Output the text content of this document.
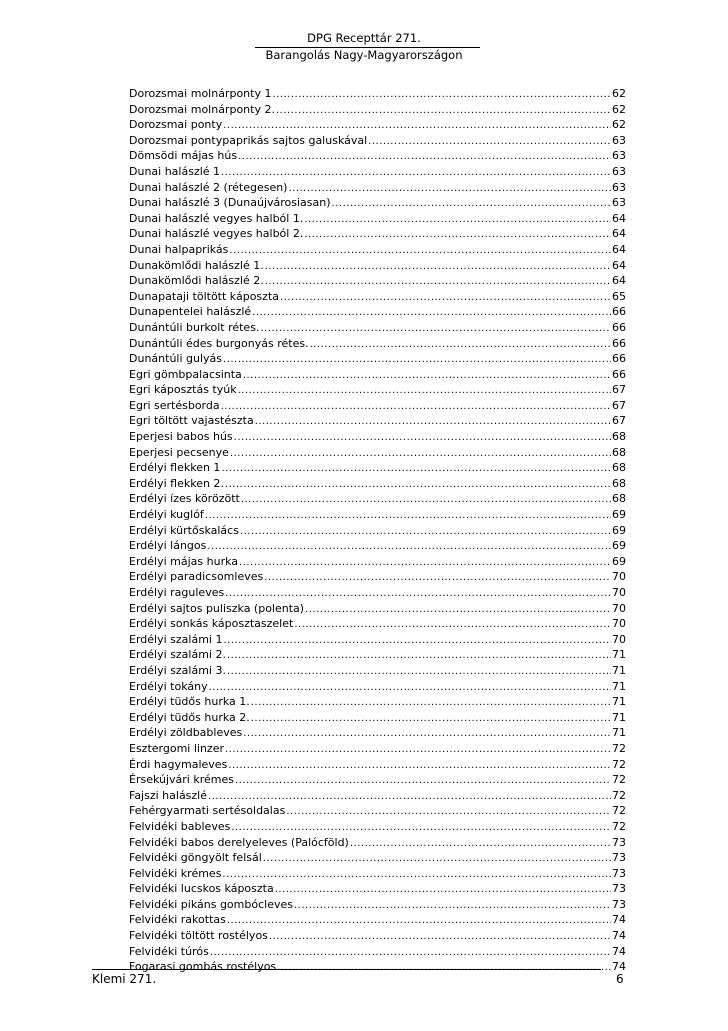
DPG Recepttár 271.
Barangolás Nagy-Magyarországon
Dorozsmai molnárponty 1 .....	62
Dorozsmai molnárponty 2. .....	62
Dorozsmai ponty .....	62
Dorozsmai pontypaprikás sajtos galuskával .....	63
Dömsödi májas hús .....	63
Dunai halászlé 1 .....	63
Dunai halászlé 2 (rétegesen) .....	63
Dunai halászlé 3 (Dunaújvárosiasan) .....	63
Dunai halászlé vegyes halból 1. .....	64
Dunai halászlé vegyes halból 2. .....	64
Dunai halpaprikás .....	64
Dunakömlődi halászlé 1. .....	64
Dunakömlődi halászlé 2. .....	64
Dunapataji töltött káposzta .....	65
Dunapentelei halászlé .....	66
Dunántúli burkolt rétes. .....	66
Dunántúli édes burgonyás rétes. .....	66
Dunántúli gulyás .....	66
Egri gömbpalacsinta .....	66
Egri káposztás tyúk .....	67
Egri sertésborda .....	67
Egri töltött vajastészta .....	67
Eperjesi babos hús .....	68
Eperjesi pecsenye .....	68
Erdélyi flekken 1 .....	68
Erdélyi flekken 2. .....	68
Erdélyi ízes körözött .....	68
Erdélyi kuglóf .....	69
Erdélyi kürtőskalács .....	69
Erdélyi lángos .....	69
Erdélyi májas hurka .....	69
Erdélyi paradicsomleves .....	70
Erdélyi raguleves .....	70
Erdélyi sajtos puliszka (polenta) .....	70
Erdélyi sonkás káposztaszelet .....	70
Erdélyi szalámi 1 .....	70
Erdélyi szalámi 2. .....	71
Erdélyi szalámi 3. .....	71
Erdélyi tokány .....	71
Erdélyi tüdős hurka 1. .....	71
Erdélyi tüdős hurka 2. .....	71
Erdélyi zöldbableves .....	71
Esztergomi linzer .....	72
Érdi hagymaleves .....	72
Érsekújvári krémes .....	72
Fajszi halászlé .....	72
Fehérgyarmati sertésoldalas .....	72
Felvidéki bableves .....	72
Felvidéki babos derelyeleves (Palócföld) .....	73
Felvidéki göngyölt felsál .....	73
Felvidéki krémes .....	73
Felvidéki lucskos káposzta .....	73
Felvidéki pikáns gombócleves .....	73
Felvidéki rakottas .....	74
Felvidéki töltött rostélyos .....	74
Felvidéki túrós .....	74
Fogarasi gombás rostélyos .....	74
Klemi 271.	6
